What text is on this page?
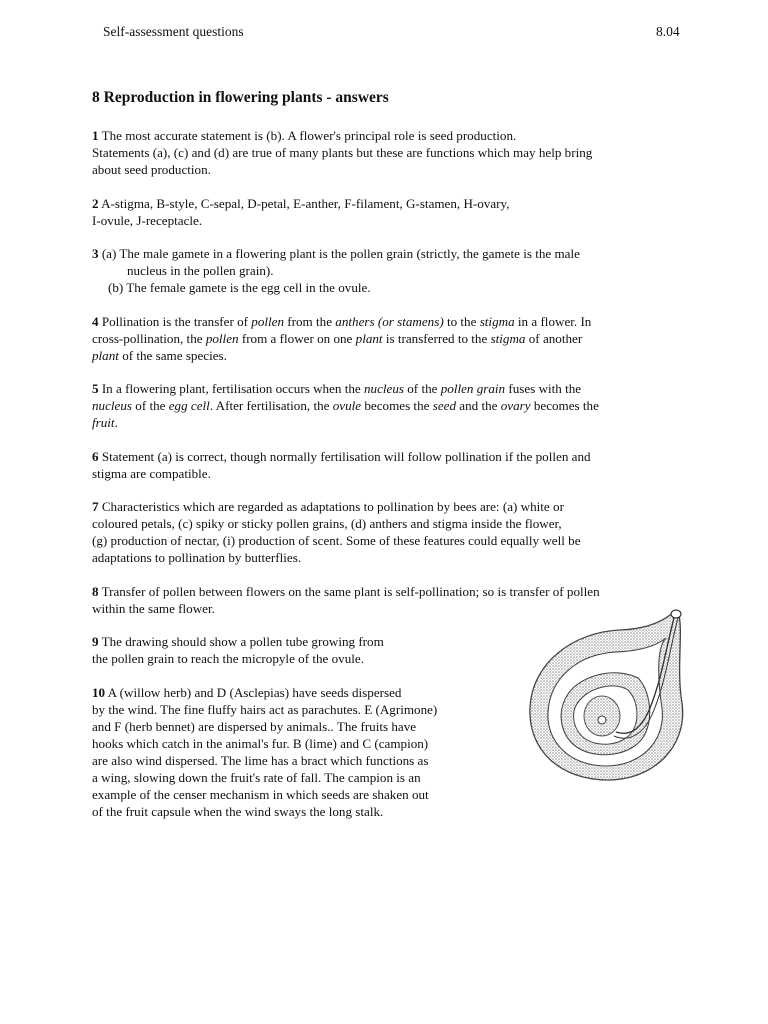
Self-assessment questions	8.04
8 Reproduction in flowering plants - answers
1 The most accurate statement is (b). A flower's principal role is seed production.
Statements (a), (c) and (d) are true of many plants but these are functions which may help bring
about seed production.
2 A-stigma, B-style, C-sepal, D-petal, E-anther, F-filament, G-stamen, H-ovary,
I-ovule, J-receptacle.
3 (a) The male gamete in a flowering plant is the pollen grain (strictly, the gamete is the male
nucleus in the pollen grain).
(b) The female gamete is the egg cell in the ovule.
4 Pollination is the transfer of pollen from the anthers (or stamens) to the stigma in a flower. In
cross-pollination, the pollen from a flower on one plant is transferred to the stigma of another
plant of the same species.
5 In a flowering plant, fertilisation occurs when the nucleus of the pollen grain fuses with the
nucleus of the egg cell. After fertilisation, the ovule becomes the seed and the ovary becomes the
fruit.
6 Statement (a) is correct, though normally fertilisation will follow pollination if the pollen and
stigma are compatible.
7 Characteristics which are regarded as adaptations to pollination by bees are: (a) white or
coloured petals, (c) spiky or sticky pollen grains, (d) anthers and stigma inside the flower,
(g) production of nectar, (i) production of scent. Some of these features could equally well be
adaptations to pollination by butterflies.
8 Transfer of pollen between flowers on the same plant is self-pollination; so is transfer of pollen
within the same flower.
9 The drawing should show a pollen tube growing from
the pollen grain to reach the micropyle of the ovule.
10 A (willow herb) and D (Asclepias) have seeds dispersed
by the wind. The fine fluffy hairs act as parachutes. E (Agrimone)
and F (herb bennet) are dispersed by animals.. The fruits have
hooks which catch in the animal's fur. B (lime) and C (campion)
are also wind dispersed. The lime has a bract which functions as
a wing, slowing down the fruit's rate of fall. The campion is an
example of the censer mechanism in which seeds are shaken out
of the fruit capsule when the wind sways the long stalk.
